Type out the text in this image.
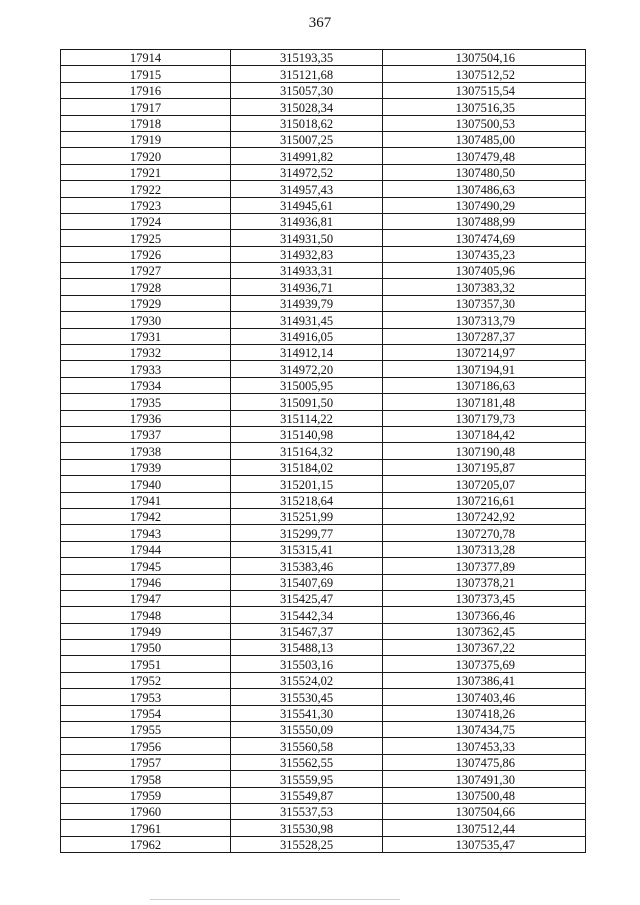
367
17914	315193,35	1307504,16
17915	315121,68	1307512,52
17916	315057,30	1307515,54
17917	315028,34	1307516,35
17918	315018,62	1307500,53
17919	315007,25	1307485,00
17920	314991,82	1307479,48
17921	314972,52	1307480,50
17922	314957,43	1307486,63
17923	314945,61	1307490,29
17924	314936,81	1307488,99
17925	314931,50	1307474,69
17926	314932,83	1307435,23
17927	314933,31	1307405,96
17928	314936,71	1307383,32
17929	314939,79	1307357,30
17930	314931,45	1307313,79
17931	314916,05	1307287,37
17932	314912,14	1307214,97
17933	314972,20	1307194,91
17934	315005,95	1307186,63
17935	315091,50	1307181,48
17936	315114,22	1307179,73
17937	315140,98	1307184,42
17938	315164,32	1307190,48
17939	315184,02	1307195,87
17940	315201,15	1307205,07
17941	315218,64	1307216,61
17942	315251,99	1307242,92
17943	315299,77	1307270,78
17944	315315,41	1307313,28
17945	315383,46	1307377,89
17946	315407,69	1307378,21
17947	315425,47	1307373,45
17948	315442,34	1307366,46
17949	315467,37	1307362,45
17950	315488,13	1307367,22
17951	315503,16	1307375,69
17952	315524,02	1307386,41
17953	315530,45	1307403,46
17954	315541,30	1307418,26
17955	315550,09	1307434,75
17956	315560,58	1307453,33
17957	315562,55	1307475,86
17958	315559,95	1307491,30
17959	315549,87	1307500,48
17960	315537,53	1307504,66
17961	315530,98	1307512,44
17962	315528,25	1307535,47
